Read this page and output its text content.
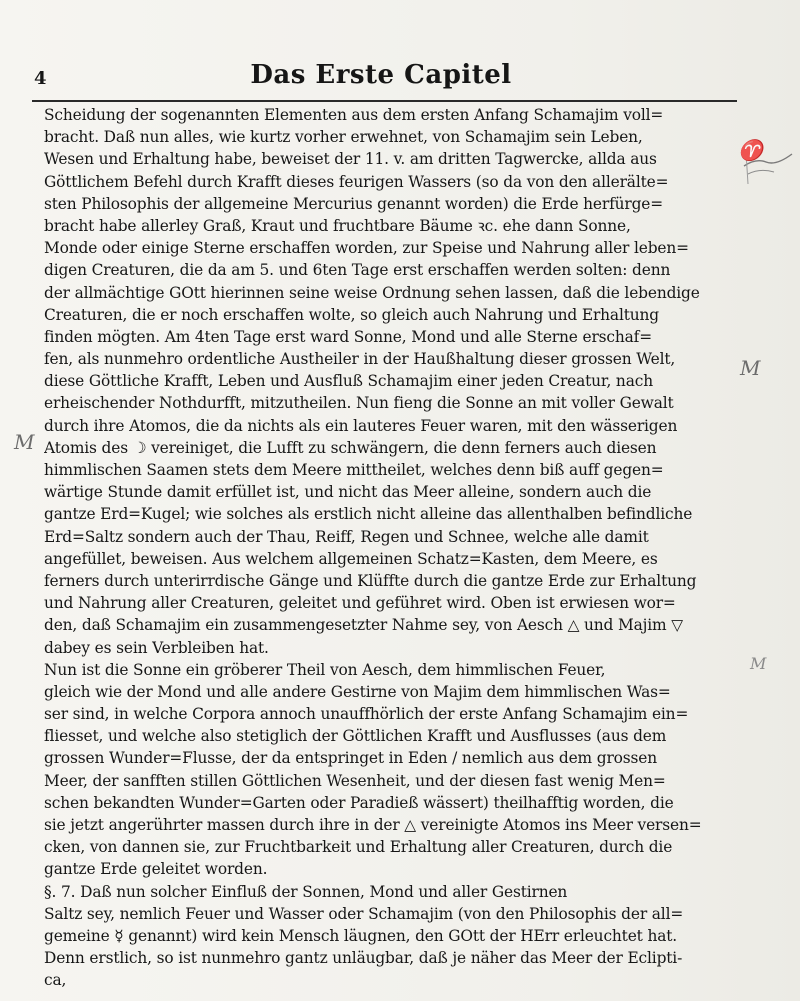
4	Das Erste Capitel
Scheidung der sogenannten Elementen aus dem ersten Anfang Schamajim voll=
bracht. Daß nun alles, wie kurtz vorher erwehnet, von Schamajim sein Leben,
Wesen und Erhaltung habe, beweiset der 11. v. am dritten Tagwercke, allda aus
Göttlichem Befehl durch Krafft dieses feurigen Wassers (so da von den allerälte=
sten Philosophis der allgemeine Mercurius genannt worden) die Erde herfürge=
bracht habe allerley Graß, Kraut und fruchtbare Bäume ꝛc. ehe dann Sonne,
Monde oder einige Sterne erschaffen worden, zur Speise und Nahrung aller leben=
digen Creaturen, die da am 5. und 6ten Tage erst erschaffen werden solten: denn
der allmächtige GOtt hierinnen seine weise Ordnung sehen lassen, daß die lebendige
Creaturen, die er noch erschaffen wolte, so gleich auch Nahrung und Erhaltung
finden mögten. Am 4ten Tage erst ward Sonne, Mond und alle Sterne erschaf=
fen, als nunmehro ordentliche Austheiler in der Haußhaltung dieser grossen Welt,
diese Göttliche Krafft, Leben und Ausfluß Schamajim einer jeden Creatur, nach
erheischender Nothdurfft, mitzutheilen. Nun fieng die Sonne an mit voller Gewalt
durch ihre Atomos, die da nichts als ein lauteres Feuer waren, mit den wässerigen
Atomis des ☽ vereiniget, die Lufft zu schwängern, die denn ferners auch diesen
himmlischen Saamen stets dem Meere mittheilet, welches denn biß auff gegen=
wärtige Stunde damit erfüllet ist, und nicht das Meer alleine, sondern auch die
gantze Erd=Kugel; wie solches als erstlich nicht alleine das allenthalben befindliche
Erd=Saltz sondern auch der Thau, Reiff, Regen und Schnee, welche alle damit
angefüllet, beweisen. Aus welchem allgemeinen Schatz=Kasten, dem Meere, es
ferners durch unterirrdische Gänge und Klüffte durch die gantze Erde zur Erhaltung
und Nahrung aller Creaturen, geleitet und geführet wird. Oben ist erwiesen wor=
den, daß Schamajim ein zusammengesetzter Nahme sey, von Aesch △ und Majim ▽
dabey es sein Verbleiben hat.
Nun ist die Sonne ein gröberer Theil von Aesch, dem himmlischen Feuer,
gleich wie der Mond und alle andere Gestirne von Majim dem himmlischen Was=
ser sind, in welche Corpora annoch unauffhörlich der erste Anfang Schamajim ein=
fliesset, und welche also stetiglich der Göttlichen Krafft und Ausflusses (aus dem
grossen Wunder=Flusse, der da entspringet in Eden / nemlich aus dem grossen
Meer, der sanfften stillen Göttlichen Wesenheit, und der diesen fast wenig Men=
schen bekandten Wunder=Garten oder Paradieß wässert) theilhafftig worden, die
sie jetzt angerührter massen durch ihre in der △ vereinigte Atomos ins Meer versen=
cken, von dannen sie, zur Fruchtbarkeit und Erhaltung aller Creaturen, durch die
gantze Erde geleitet worden.
§. 7. Daß nun solcher Einfluß der Sonnen, Mond und aller Gestirnen
Saltz sey, nemlich Feuer und Wasser oder Schamajim (von den Philosophis der all=
gemeine ☿ genannt) wird kein Mensch läugnen, den GOtt der HErr erleuchtet hat.
Denn erstlich, so ist nunmehro gantz unläugbar, daß je näher das Meer der Eclipti-
ca,
♈
M
M
M
